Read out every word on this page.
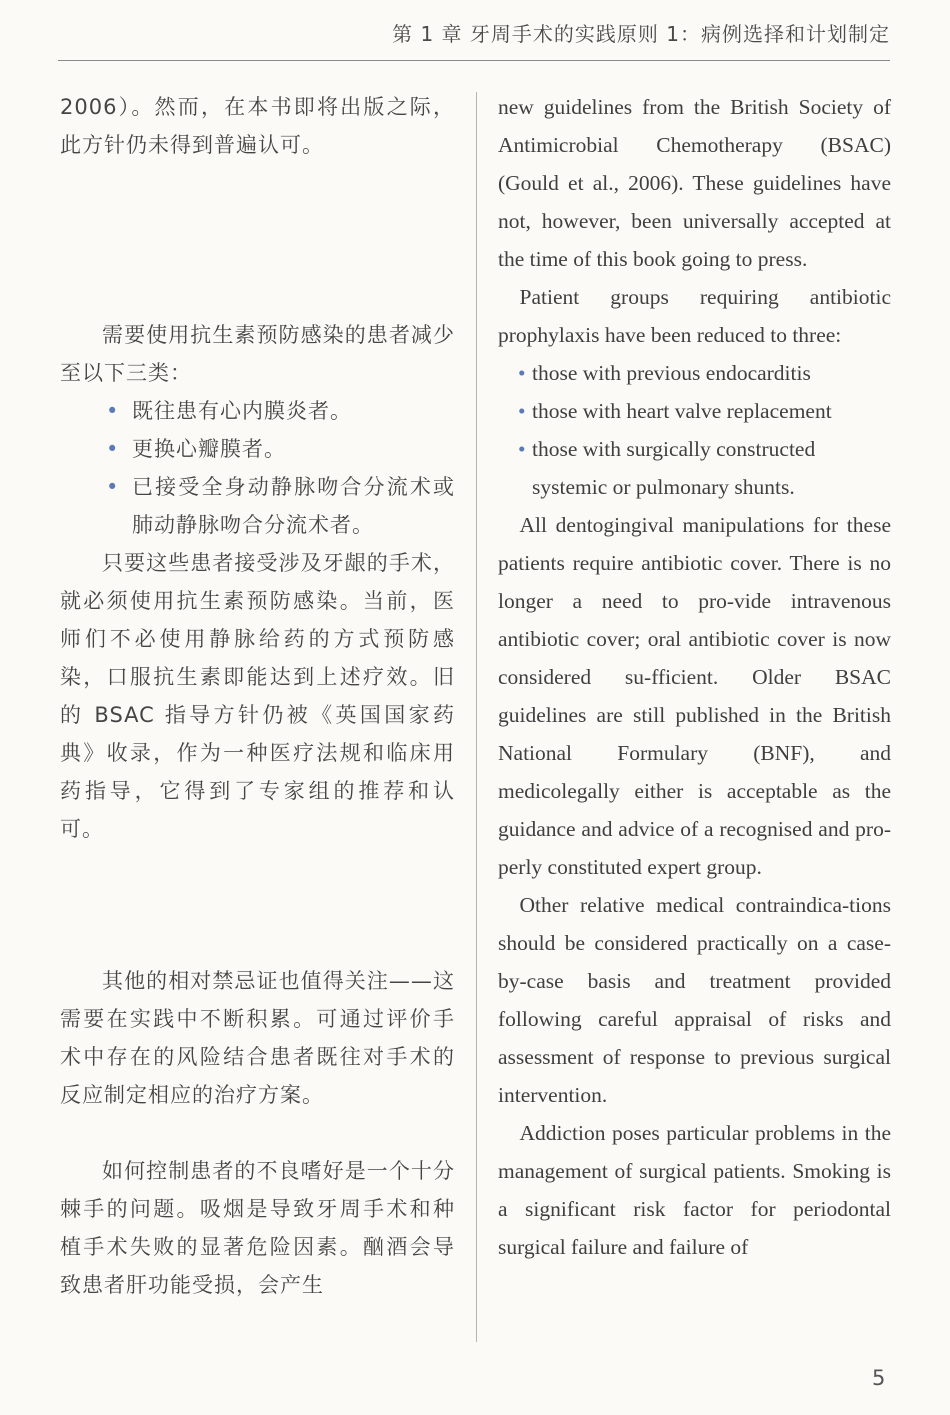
第 1 章 牙周手术的实践原则 1：病例选择和计划制定

2006）。然而，在本书即将出版之际，此方针仍未得到普遍认可。

需要使用抗生素预防感染的患者减少至以下三类：

• 既往患有心内膜炎者。
• 更换心瓣膜者。
• 已接受全身动静脉吻合分流术或肺动静脉吻合分流术者。

只要这些患者接受涉及牙龈的手术，就必须使用抗生素预防感染。当前，医师们不必使用静脉给药的方式预防感染，口服抗生素即能达到上述疗效。旧的 BSAC 指导方针仍被《英国国家药典》收录，作为一种医疗法规和临床用药指导，它得到了专家组的推荐和认可。

其他的相对禁忌证也值得关注——这需要在实践中不断积累。可通过评价手术中存在的风险结合患者既往对手术的反应制定相应的治疗方案。

如何控制患者的不良嗜好是一个十分棘手的问题。吸烟是导致牙周手术和种植手术失败的显著危险因素。酗酒会导致患者肝功能受损，会产生

new guidelines from the British Society of Antimicrobial Chemotherapy (BSAC) (Gould et al., 2006). These guidelines have not, however, been universally accepted at the time of this book going to press.

Patient groups requiring antibiotic prophylaxis have been reduced to three:

• those with previous endocarditis
• those with heart valve replacement
• those with surgically constructed systemic or pulmonary shunts.

All dentogingival manipulations for these patients require antibiotic cover. There is no longer a need to pro-vide intravenous antibiotic cover; oral antibiotic cover is now considered su-fficient. Older BSAC guidelines are still published in the British National Formulary (BNF), and medicolegally either is acceptable as the guidance and advice of a recognised and pro-perly constituted expert group.

Other relative medical contraindica-tions should be considered practically on a case-by-case basis and treatment provided following careful appraisal of risks and assessment of response to previous surgical intervention.

Addiction poses particular problems in the management of surgical patients. Smoking is a significant risk factor for periodontal surgical failure and failure of

5
